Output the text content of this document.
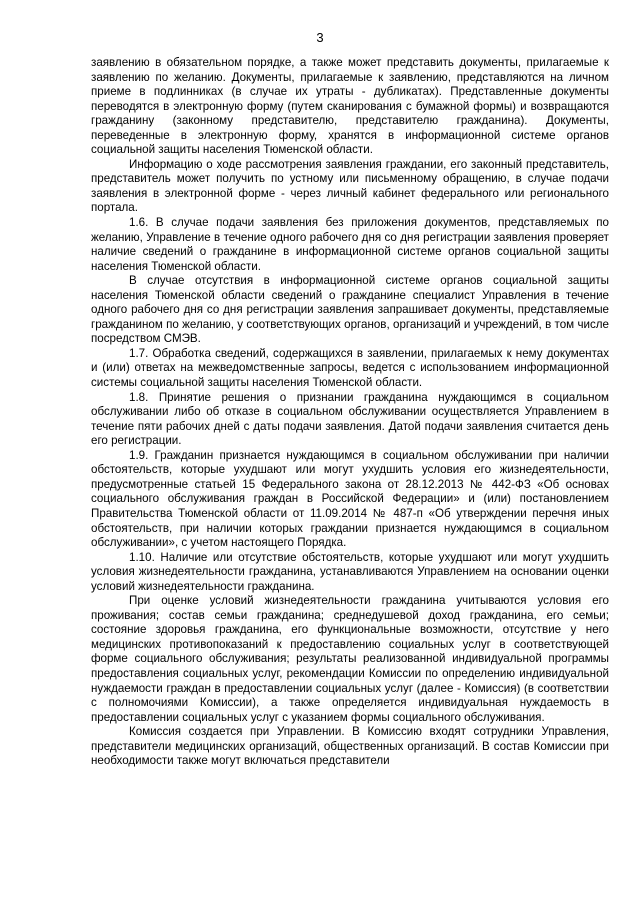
3

заявлению в обязательном порядке, а также может представить документы, прилагаемые к заявлению по желанию. Документы, прилагаемые к заявлению, представляются на личном приеме в подлинниках (в случае их утраты - дубликатах). Представленные документы переводятся в электронную форму (путем сканирования с бумажной формы) и возвращаются гражданину (законному представителю, представителю гражданина). Документы, переведенные в электронную форму, хранятся в информационной системе органов социальной защиты населения Тюменской области.

Информацию о ходе рассмотрения заявления граждании, его законный представитель, представитель может получить по устному или письменному обращению, в случае подачи заявления в электронной форме - через личный кабинет федерального или регионального портала.

1.6. В случае подачи заявления без приложения документов, представляемых по желанию, Управление в течение одного рабочего дня со дня регистрации заявления проверяет наличие сведений о гражданине в информационной системе органов социальной защиты населения Тюменской области.

В случае отсутствия в информационной системе органов социальной защиты населения Тюменской области сведений о гражданине специалист Управления в течение одного рабочего дня со дня регистрации заявления запрашивает документы, представляемые гражданином по желанию, у соответствующих органов, организаций и учреждений, в том числе посредством СМЭВ.

1.7. Обработка сведений, содержащихся в заявлении, прилагаемых к нему документах и (или) ответах на межведомственные запросы, ведется с использованием информационной системы социальной защиты населения Тюменской области.

1.8. Принятие решения о признании гражданина нуждающимся в социальном обслуживании либо об отказе в социальном обслуживании осуществляется Управлением в течение пяти рабочих дней с даты подачи заявления. Датой подачи заявления считается день его регистрации.

1.9. Гражданин признается нуждающимся в социальном обслуживании при наличии обстоятельств, которые ухудшают или могут ухудшить условия его жизнедеятельности, предусмотренные статьей 15 Федерального закона от 28.12.2013 № 442-ФЗ «Об основах социального обслуживания граждан в Российской Федерации» и (или) постановлением Правительства Тюменской области от 11.09.2014 № 487-п «Об утверждении перечня иных обстоятельств, при наличии которых граждании признается нуждающимся в социальном обслуживании», с учетом настоящего Порядка.

1.10. Наличие или отсутствие обстоятельств, которые ухудшают или могут ухудшить условия жизнедеятельности гражданина, устанавливаются Управлением на основании оценки условий жизнедеятельности гражданина.

При оценке условий жизнедеятельности гражданина учитываются условия его проживания; состав семьи гражданина; среднедушевой доход гражданина, его семьи; состояние здоровья гражданина, его функциональные возможности, отсутствие у него медицинских противопоказаний к предоставлению социальных услуг в соответствующей форме социального обслуживания; результаты реализованной индивидуальной программы предоставления социальных услуг, рекомендации Комиссии по определению индивидуальной нуждаемости граждан в предоставлении социальных услуг (далее - Комиссия) (в соответствии с полномочиями Комиссии), а также определяется индивидуальная нуждаемость в предоставлении социальных услуг с указанием формы социального обслуживания.

Комиссия создается при Управлении. В Комиссию входят сотрудники Управления, представители медицинских организаций, общественных организаций. В состав Комиссии при необходимости также могут включаться представители
